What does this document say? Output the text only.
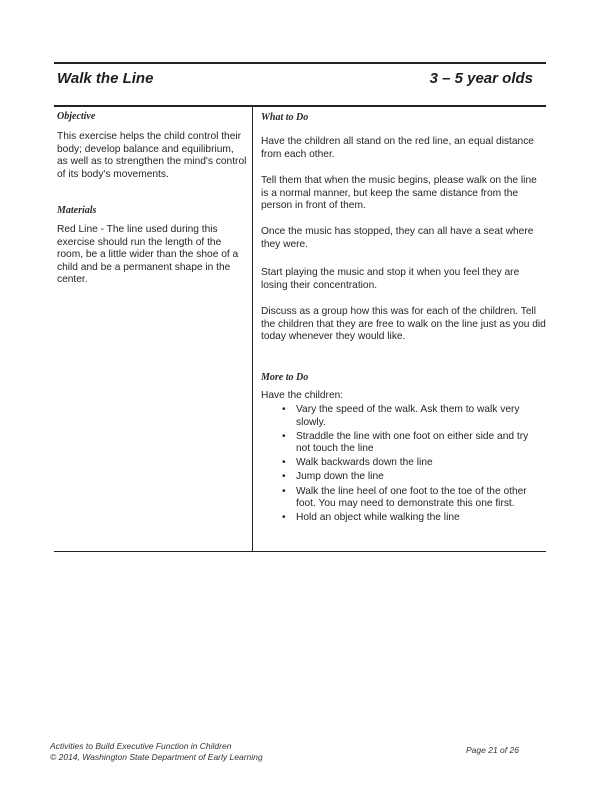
Walk the Line	3 – 5 year olds
Objective
This exercise helps the child control their body; develop balance and equilibrium, as well as to strengthen the mind's control of its body's movements.
Materials
Red Line - The line used during this exercise should run the length of the room, be a little wider than the shoe of a child and be a permanent shape in the center.
What to Do
Have the children all stand on the red line, an equal distance from each other.
Tell them that when the music begins, please walk on the line is a normal manner, but keep the same distance from the person in front of them.
Once the music has stopped, they can all have a seat where they were.
Start playing the music and stop it when you feel they are losing their concentration.
Discuss as a group how this was for each of the children. Tell the children that they are free to walk on the line just as you did today whenever they would like.
More to Do
Have the children:
• Vary the speed of the walk. Ask them to walk very slowly.
• Straddle the line with one foot on either side and try not touch the line
• Walk backwards down the line
• Jump down the line
• Walk the line heel of one foot to the toe of the other foot. You may need to demonstrate this one first.
• Hold an object while walking the line
Activities to Build Executive Function in Children
© 2014, Washington State Department of Early Learning
Page 21 of 26
